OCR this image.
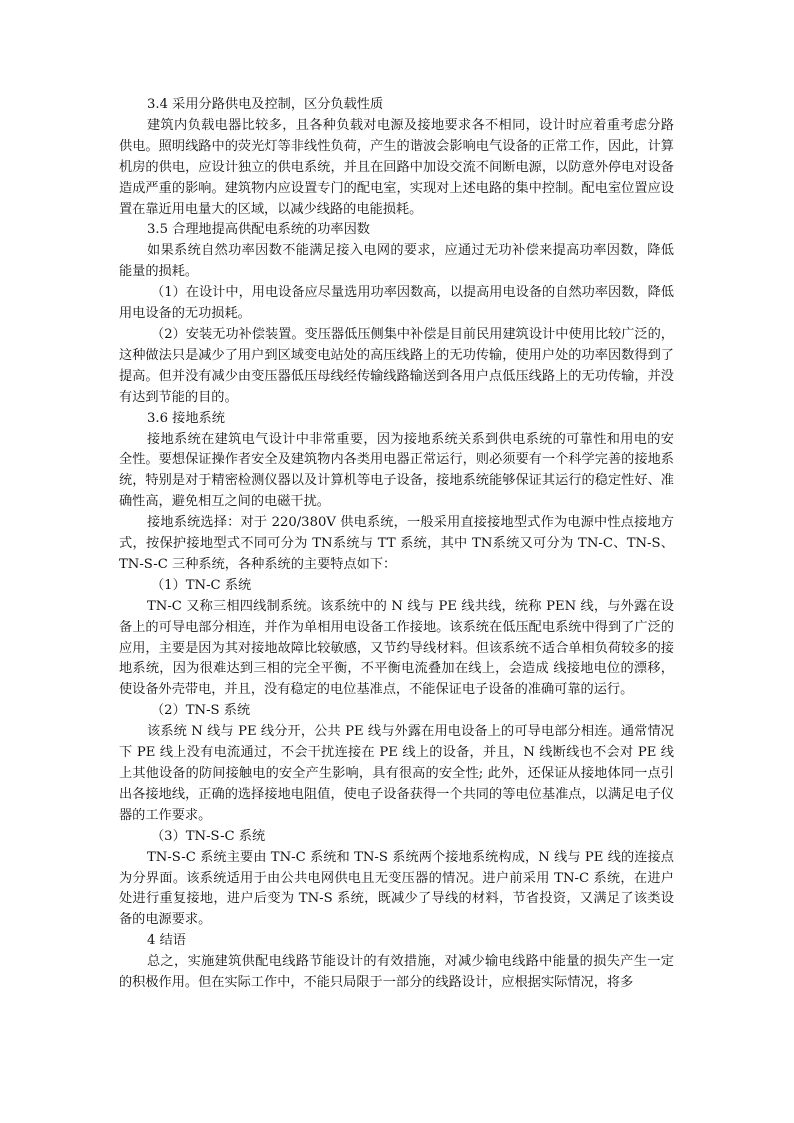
3.4 采用分路供电及控制，区分负载性质

建筑内负载电器比较多，且各种负载对电源及接地要求各不相同，设计时应着重考虑分路供电。照明线路中的荧光灯等非线性负荷，产生的谐波会影响电气设备的正常工作，因此，计算机房的供电，应设计独立的供电系统，并且在回路中加设交流不间断电源，以防意外停电对设备造成严重的影响。建筑物内应设置专门的配电室，实现对上述电路的集中控制。配电室位置应设置在靠近用电量大的区域，以减少线路的电能损耗。

3.5 合理地提高供配电系统的功率因数

如果系统自然功率因数不能满足接入电网的要求，应通过无功补偿来提高功率因数，降低能量的损耗。

（1）在设计中，用电设备应尽量选用功率因数高，以提高用电设备的自然功率因数，降低用电设备的无功损耗。

（2）安装无功补偿装置。变压器低压侧集中补偿是目前民用建筑设计中使用比较广泛的，这种做法只是减少了用户到区域变电站处的高压线路上的无功传输，使用户处的功率因数得到了提高。但并没有减少由变压器低压母线经传输线路输送到各用户点低压线路上的无功传输，并没有达到节能的目的。

3.6 接地系统

接地系统在建筑电气设计中非常重要，因为接地系统关系到供电系统的可靠性和用电的安全性。要想保证操作者安全及建筑物内各类用电器正常运行，则必须要有一个科学完善的接地系统，特别是对于精密检测仪器以及计算机等电子设备，接地系统能够保证其运行的稳定性好、准确性高，避免相互之间的电磁干扰。

接地系统选择：对于 220/380V 供电系统，一般采用直接接地型式作为电源中性点接地方式，按保护接地型式不同可分为 TN系统与 TT 系统，其中 TN系统又可分为 TN-C、TN-S、TN-S-C 三种系统，各种系统的主要特点如下：

（1）TN-C 系统

TN-C 又称三相四线制系统。该系统中的 N 线与 PE 线共线，统称 PEN 线，与外露在设备上的可导电部分相连，并作为单相用电设备工作接地。该系统在低压配电系统中得到了广泛的应用，主要是因为其对接地故障比较敏感，又节约导线材料。但该系统不适合单相负荷较多的接地系统，因为很难达到三相的完全平衡，不平衡电流叠加在线上，会造成 线接地电位的漂移，使设备外壳带电，并且，没有稳定的电位基准点，不能保证电子设备的准确可靠的运行。

（2）TN-S 系统

该系统 N 线与 PE 线分开，公共 PE 线与外露在用电设备上的可导电部分相连。通常情况下 PE 线上没有电流通过，不会干扰连接在 PE 线上的设备，并且，N 线断线也不会对 PE 线上其他设备的防间接触电的安全产生影响，具有很高的安全性; 此外，还保证从接地体同一点引出各接地线，正确的选择接地电阻值，使电子设备获得一个共同的等电位基准点，以满足电子仪器的工作要求。

（3）TN-S-C 系统

TN-S-C 系统主要由 TN-C 系统和 TN-S 系统两个接地系统构成，N 线与 PE 线的连接点为分界面。该系统适用于由公共电网供电且无变压器的情况。进户前采用 TN-C 系统，在进户处进行重复接地，进户后变为 TN-S 系统，既减少了导线的材料，节省投资，又满足了该类设备的电源要求。

4 结语

总之，实施建筑供配电线路节能设计的有效措施，对减少输电线路中能量的损失产生一定的积极作用。但在实际工作中，不能只局限于一部分的线路设计，应根据实际情况，将多
